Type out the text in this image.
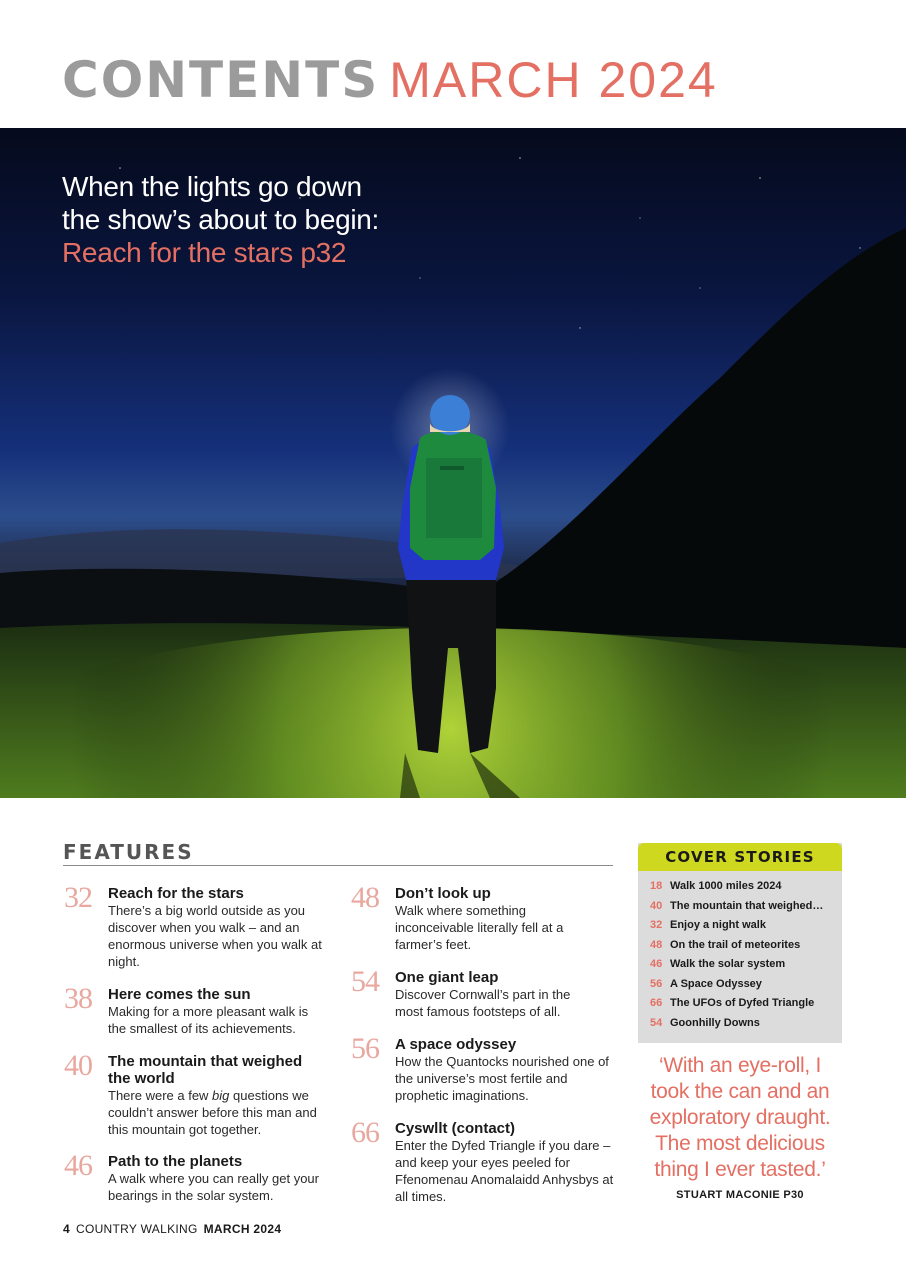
CONTENTS MARCH 2024
When the lights go down the show’s about to begin: Reach for the stars p32
FEATURES
32	Reach for the stars
There’s a big world outside as you discover when you walk – and an enormous universe when you walk at night.
38	Here comes the sun
Making for a more pleasant walk is the smallest of its achievements.
40	The mountain that weighed the world
There were a few big questions we couldn’t answer before this man and this mountain got together.
46	Path to the planets
A walk where you can really get your bearings in the solar system.
48	Don’t look up
Walk where something inconceivable literally fell at a farmer’s feet.
54	One giant leap
Discover Cornwall’s part in the most famous footsteps of all.
56	A space odyssey
How the Quantocks nourished one of the universe’s most fertile and prophetic imaginations.
66	Cyswllt (contact)
Enter the Dyfed Triangle if you dare – and keep your eyes peeled for Ffenomenau Anomalaidd Anhysbys at all times.
COVER STORIES
18 Walk 1000 miles 2024
40 The mountain that weighed…
32 Enjoy a night walk
48 On the trail of meteorites
46 Walk the solar system
56 A Space Odyssey
66 The UFOs of Dyfed Triangle
54 Goonhilly Downs
‘With an eye-roll, I took the can and an exploratory draught. The most delicious thing I ever tasted.’
STUART MACONIE P30
4 COUNTRY WALKING MARCH 2024
